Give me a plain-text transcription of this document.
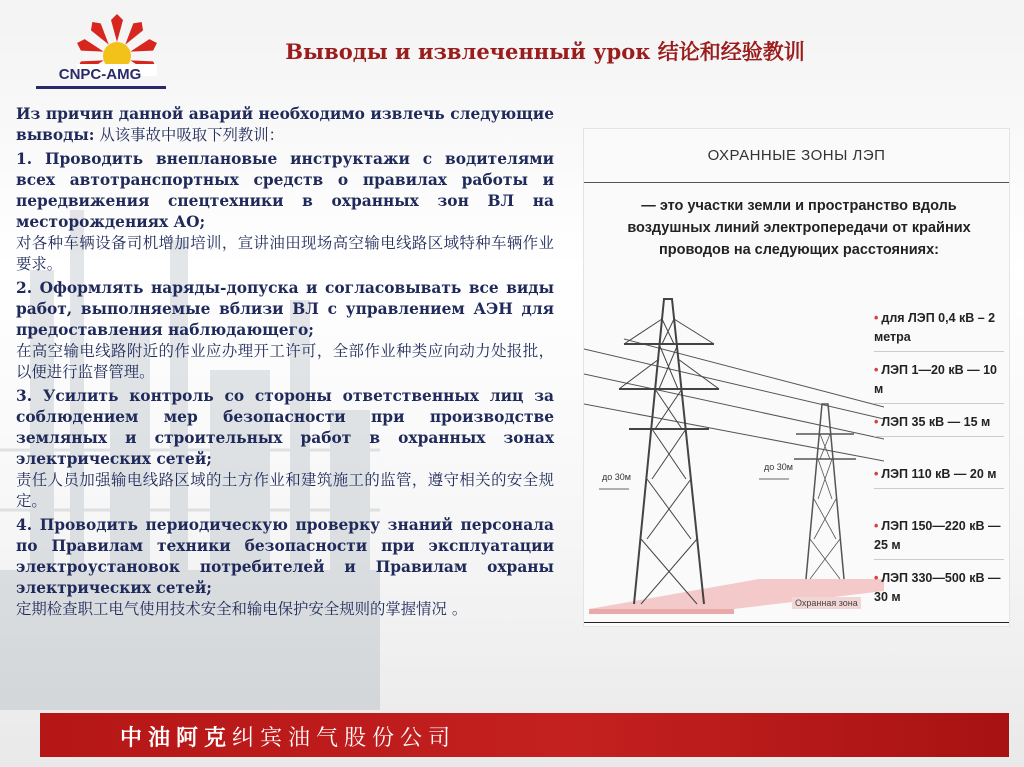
CNPC-AMG
Выводы и извлеченный урок 结论和经验教训

Из причин данной аварий необходимо извлечь следующие выводы: 从该事故中吸取下列教训：

1. Проводить внеплановые инструктажи с водителями всех автотранспортных средств о правилах работы и передвижения спецтехники в охранных зон ВЛ на месторождениях АО;

对各种车辆设备司机增加培训，宣讲油田现场高空输电线路区域特种车辆作业要求。

2. Оформлять наряды-допуска и согласовывать все виды работ, выполняемые вблизи ВЛ с управлением АЭН для предоставления наблюдающего;

在高空输电线路附近的作业应办理开工许可，全部作业种类应向动力处报批，以便进行监督管理。

3. Усилить контроль со стороны ответственных лиц за соблюдением мер безопасности при производстве земляных и строительных работ в охранных зонах электрических сетей;

责任人员加强输电线路区域的土方作业和建筑施工的监管，遵守相关的安全规定。

4. Проводить периодическую проверку знаний персонала по Правилам техники безопасности при эксплуатации электроустановок потребителей и Правилам охраны электрических сетей;

定期检查职工电气使用技术安全和输电保护安全规则的掌握情况 。

ОХРАННЫЕ ЗОНЫ ЛЭП
— это участки земли и пространство вдоль воздушных линий электропередачи от крайних проводов на следующих расстояниях:
до 30м
до 30м
Охранная зона
• для ЛЭП 0,4 кВ – 2 метра
• ЛЭП 1—20 кВ — 10 м
• ЛЭП 35 кВ — 15 м
• ЛЭП 110 кВ — 20 м
• ЛЭП 150—220 кВ — 25 м
• ЛЭП 330—500 кВ — 30 м
中油阿克纠宾油气股份公司
